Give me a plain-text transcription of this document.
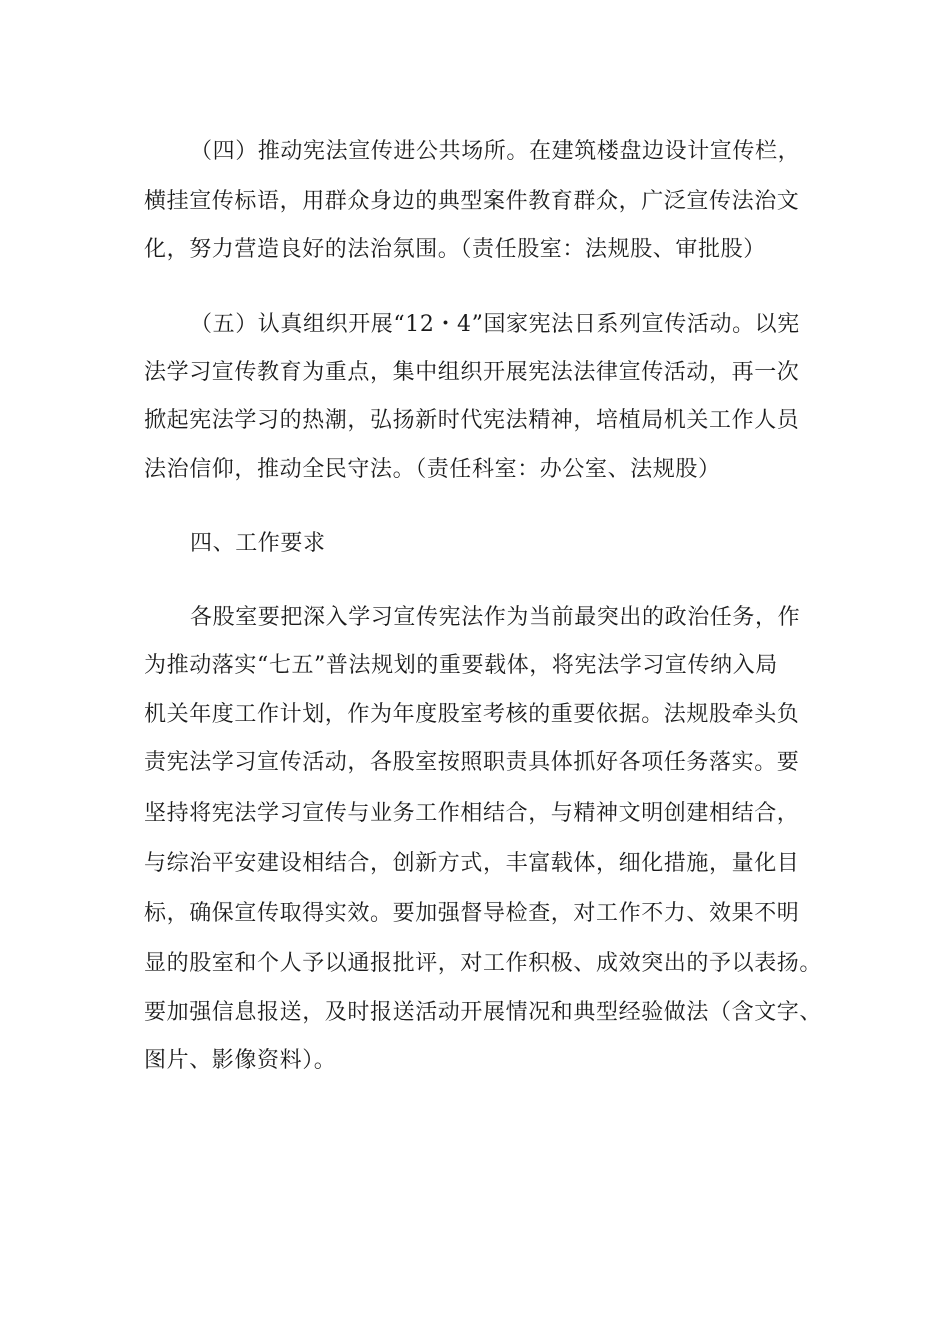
（四）推动宪法宣传进公共场所。在建筑楼盘边设计宣传栏，
横挂宣传标语，用群众身边的典型案件教育群众，广泛宣传法治文
化，努力营造良好的法治氛围。（责任股室：法规股、审批股）
（五）认真组织开展“12・4”国家宪法日系列宣传活动。以宪
法学习宣传教育为重点，集中组织开展宪法法律宣传活动，再一次
掀起宪法学习的热潮，弘扬新时代宪法精神，培植局机关工作人员
法治信仰，推动全民守法。（责任科室：办公室、法规股）
四、工作要求
各股室要把深入学习宣传宪法作为当前最突出的政治任务，作
为推动落实“七五”普法规划的重要载体，将宪法学习宣传纳入局
机关年度工作计划，作为年度股室考核的重要依据。法规股牵头负
责宪法学习宣传活动，各股室按照职责具体抓好各项任务落实。要
坚持将宪法学习宣传与业务工作相结合，与精神文明创建相结合，
与综治平安建设相结合，创新方式，丰富载体，细化措施，量化目
标，确保宣传取得实效。要加强督导检查，对工作不力、效果不明
显的股室和个人予以通报批评，对工作积极、成效突出的予以表扬。
要加强信息报送，及时报送活动开展情况和典型经验做法（含文字、
图片、影像资料）。
